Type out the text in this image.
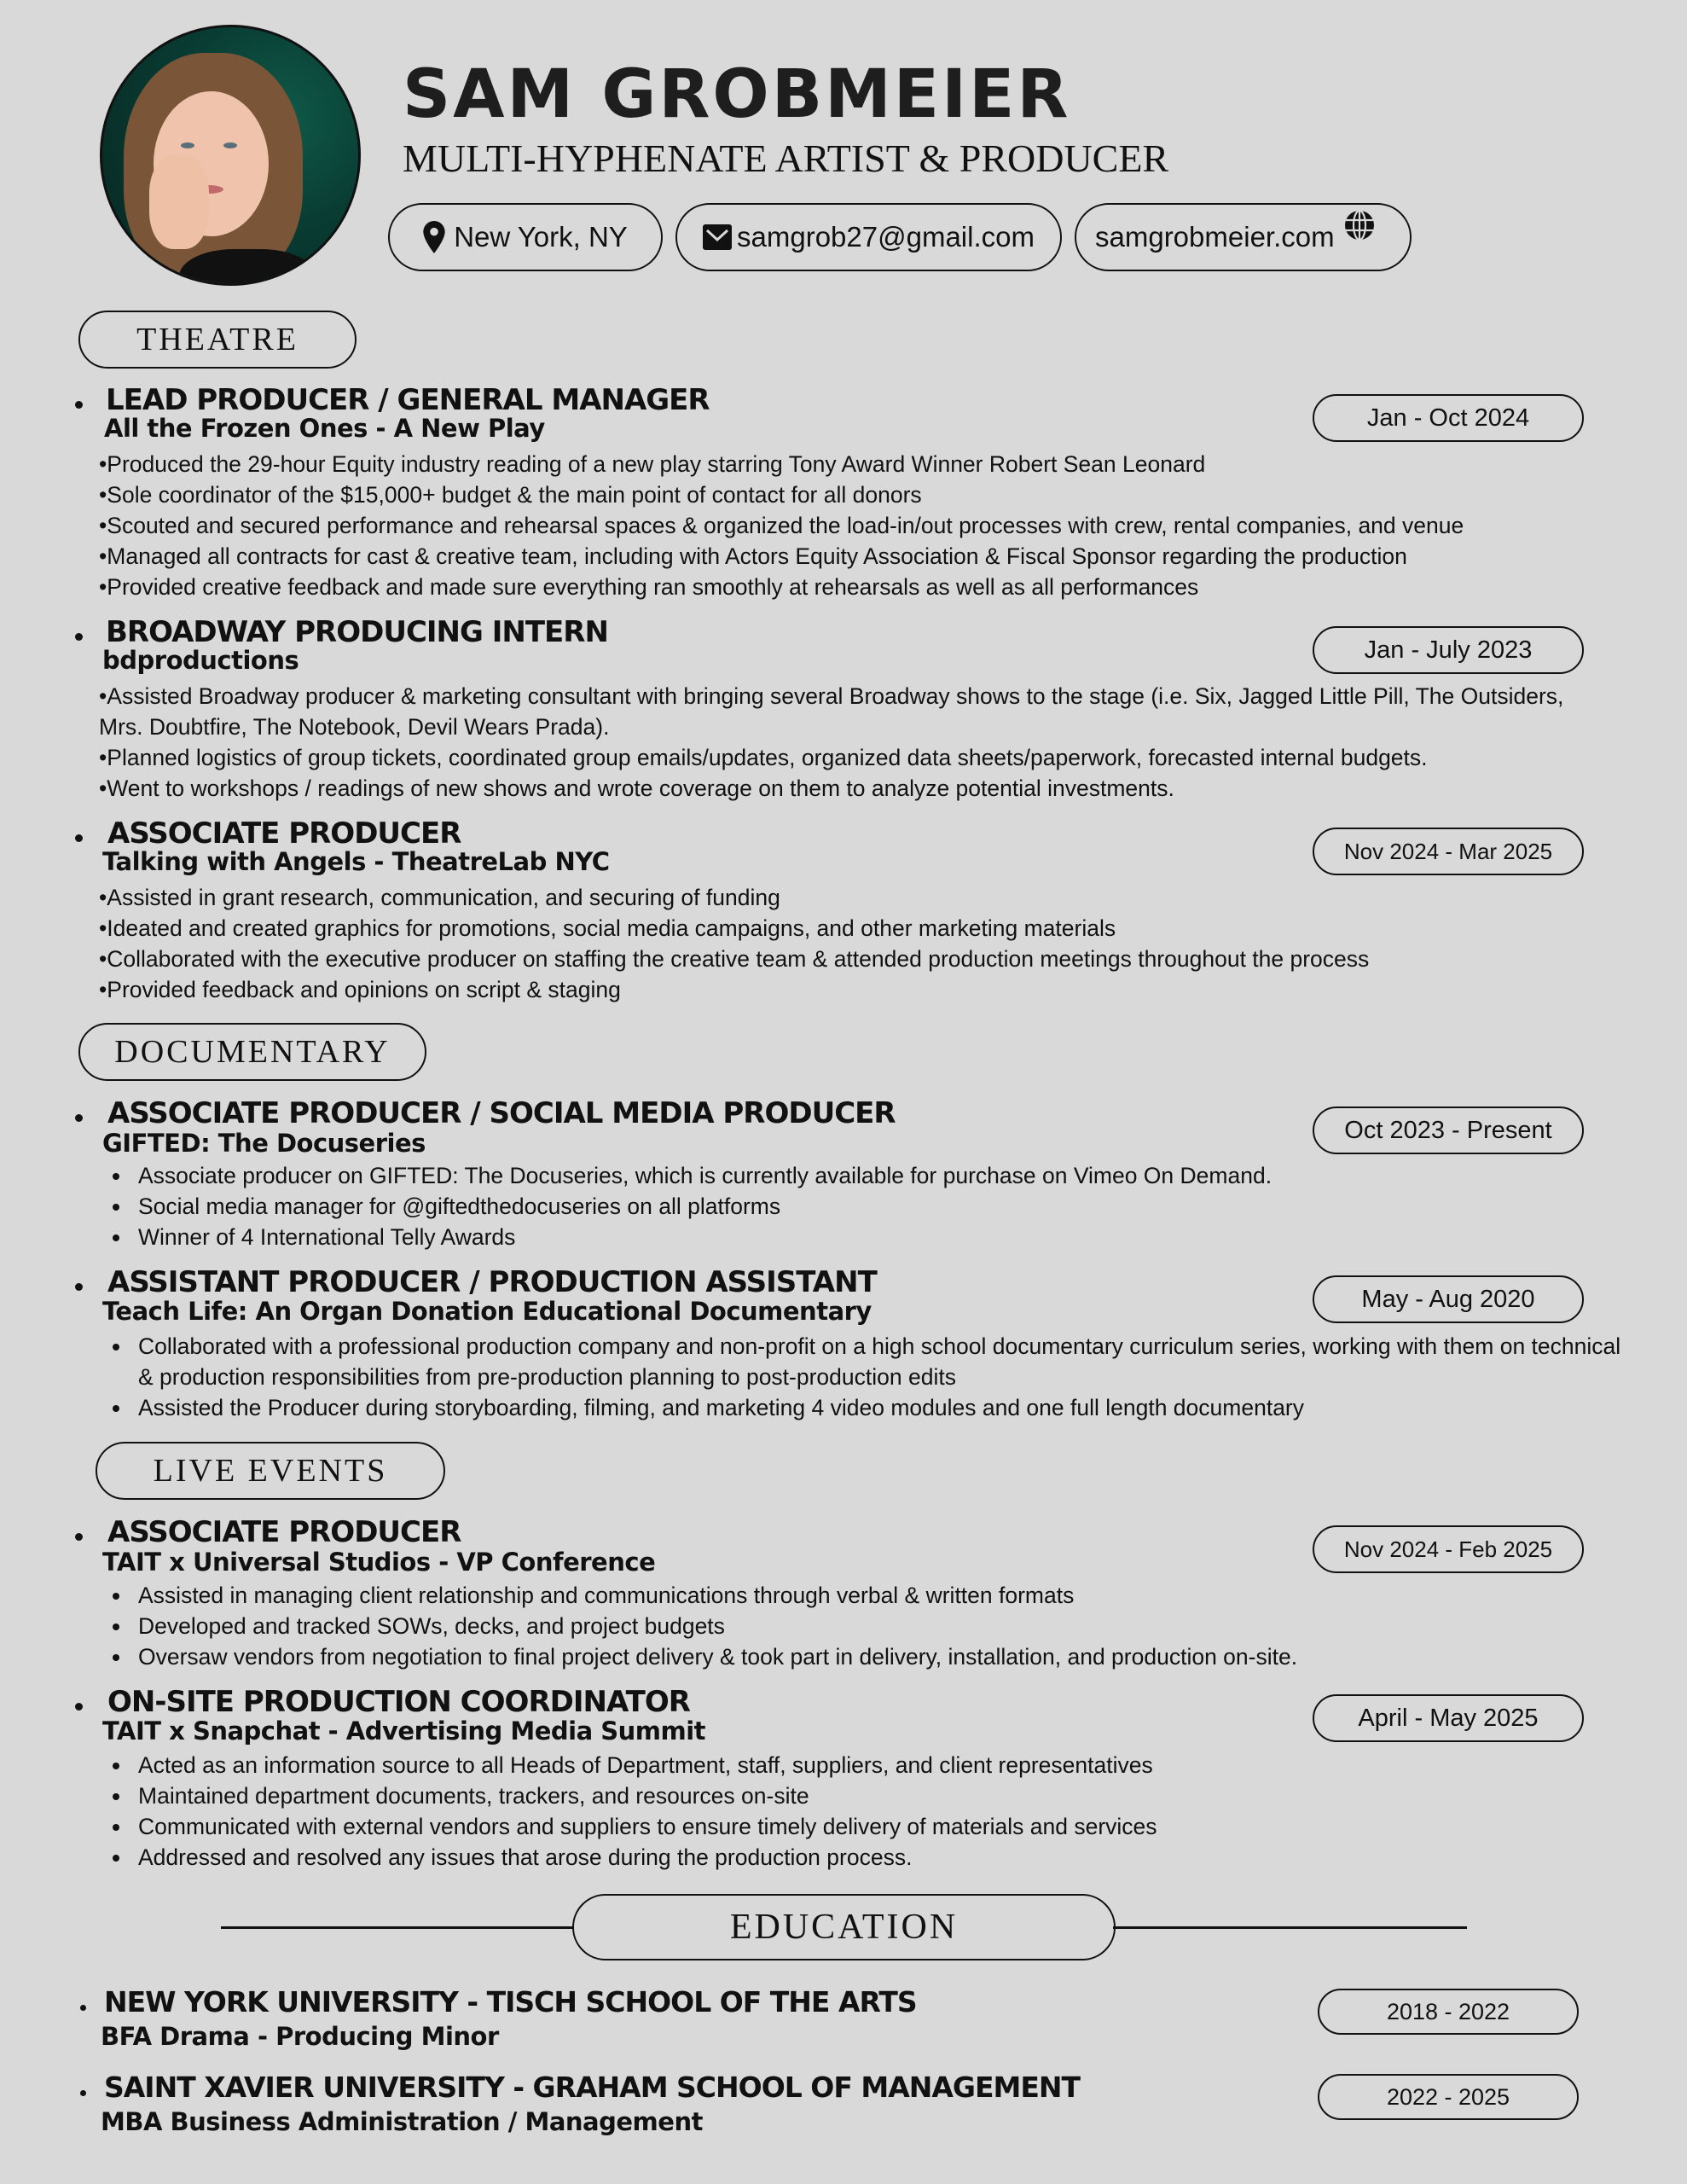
SAM GROBMEIER
MULTI-HYPHENATE ARTIST & PRODUCER
New York, NY	samgrob27@gmail.com samgrobmeier.com
THEATRE
LEAD PRODUCER / GENERAL MANAGER
All the Frozen Ones - A New Play	Jan - Oct 2024
•Produced the 29-hour Equity industry reading of a new play starring Tony Award Winner Robert Sean Leonard
•Sole coordinator of the $15,000+ budget & the main point of contact for all donors
•Scouted and secured performance and rehearsal spaces & organized the load-in/out processes with crew, rental companies, and venue
•Managed all contracts for cast & creative team, including with Actors Equity Association & Fiscal Sponsor regarding the production
•Provided creative feedback and made sure everything ran smoothly at rehearsals as well as all performances
BROADWAY PRODUCING INTERN
bdproductions	Jan - July 2023
•Assisted Broadway producer & marketing consultant with bringing several Broadway shows to the stage (i.e. Six, Jagged Little Pill, The Outsiders, Mrs. Doubtfire, The Notebook, Devil Wears Prada).
•Planned logistics of group tickets, coordinated group emails/updates, organized data sheets/paperwork, forecasted internal budgets.
•Went to workshops / readings of new shows and wrote coverage on them to analyze potential investments.
ASSOCIATE PRODUCER
Talking with Angels - TheatreLab NYC	Nov 2024 - Mar 2025
•Assisted in grant research, communication, and securing of funding
•Ideated and created graphics for promotions, social media campaigns, and other marketing materials
•Collaborated with the executive producer on staffing the creative team & attended production meetings throughout the process
•Provided feedback and opinions on script & staging
DOCUMENTARY
ASSOCIATE PRODUCER / SOCIAL MEDIA PRODUCER
GIFTED: The Docuseries	Oct 2023 - Present
Associate producer on GIFTED: The Docuseries, which is currently available for purchase on Vimeo On Demand.
Social media manager for @giftedthedocuseries on all platforms
Winner of 4 International Telly Awards
ASSISTANT PRODUCER / PRODUCTION ASSISTANT
Teach Life: An Organ Donation Educational Documentary	May - Aug 2020
Collaborated with a professional production company and non-profit on a high school documentary curriculum series, working with them on technical & production responsibilities from pre-production planning to post-production edits
Assisted the Producer during storyboarding, filming, and marketing 4 video modules and one full length documentary
LIVE EVENTS
ASSOCIATE PRODUCER
TAIT x Universal Studios - VP Conference	Nov 2024 - Feb 2025
Assisted in managing client relationship and communications through verbal & written formats
Developed and tracked SOWs, decks, and project budgets
Oversaw vendors from negotiation to final project delivery & took part in delivery, installation, and production on-site.
ON-SITE PRODUCTION COORDINATOR
TAIT x Snapchat - Advertising Media Summit	April - May 2025
Acted as an information source to all Heads of Department, staff, suppliers, and client representatives
Maintained department documents, trackers, and resources on-site
Communicated with external vendors and suppliers to ensure timely delivery of materials and services
Addressed and resolved any issues that arose during the production process.
EDUCATION
NEW YORK UNIVERSITY - TISCH SCHOOL OF THE ARTS
BFA Drama - Producing Minor
2018 - 2022
SAINT XAVIER UNIVERSITY - GRAHAM SCHOOL OF MANAGEMENT
MBA Business Administration / Management
2022 - 2025
